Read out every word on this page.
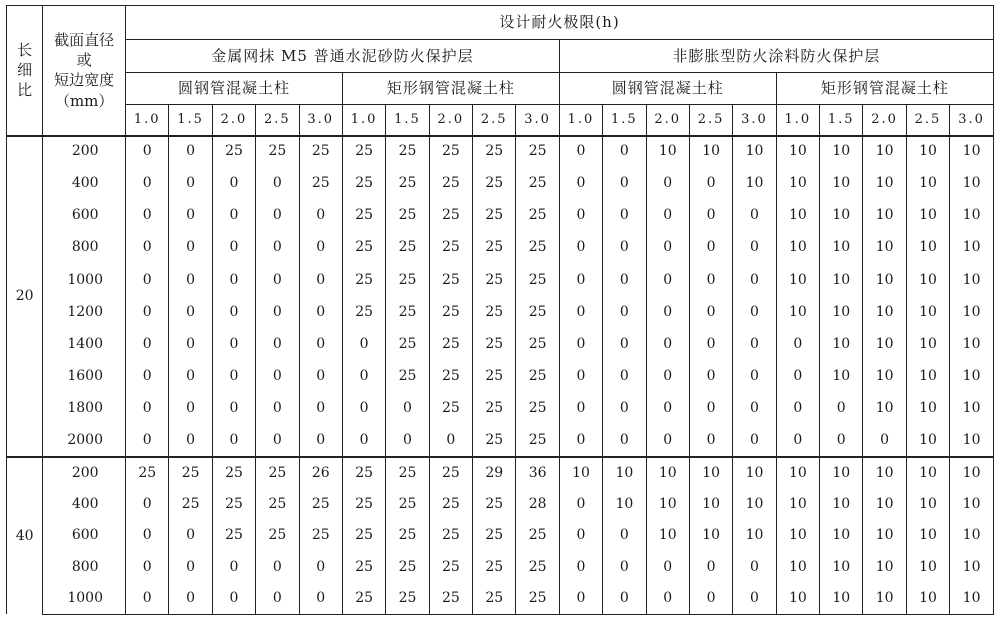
长
细
比	截面直径
或
短边宽度
（mm）	设计耐火极限(h)																			
		金属网抹 M5 普通水泥砂防火保护层										非膨胀型防火涂料防火保护层									
		圆钢管混凝土柱					矩形钢管混凝土柱					圆钢管混凝土柱					矩形钢管混凝土柱				
		1.0	1.5	2.0	2.5	3.0	1.0	1.5	2.0	2.5	3.0	1.0	1.5	2.0	2.5	3.0	1.0	1.5	2.0	2.5	3.0
20	200	0	0	25	25	25	25	25	25	25	25	0	0	10	10	10	10	10	10	10	10
	400	0	0	0	0	25	25	25	25	25	25	0	0	0	0	10	10	10	10	10	10
	600	0	0	0	0	0	25	25	25	25	25	0	0	0	0	0	10	10	10	10	10
	800	0	0	0	0	0	25	25	25	25	25	0	0	0	0	0	10	10	10	10	10
	1000	0	0	0	0	0	25	25	25	25	25	0	0	0	0	0	10	10	10	10	10
	1200	0	0	0	0	0	25	25	25	25	25	0	0	0	0	0	10	10	10	10	10
	1400	0	0	0	0	0	0	25	25	25	25	0	0	0	0	0	0	10	10	10	10
	1600	0	0	0	0	0	0	25	25	25	25	0	0	0	0	0	0	10	10	10	10
	1800	0	0	0	0	0	0	0	25	25	25	0	0	0	0	0	0	0	10	10	10
	2000	0	0	0	0	0	0	0	0	25	25	0	0	0	0	0	0	0	0	10	10
40	200	25	25	25	25	26	25	25	25	29	36	10	10	10	10	10	10	10	10	10	10
	400	0	25	25	25	25	25	25	25	25	28	0	10	10	10	10	10	10	10	10	10
	600	0	0	25	25	25	25	25	25	25	25	0	0	10	10	10	10	10	10	10	10
	800	0	0	0	0	0	25	25	25	25	25	0	0	0	0	0	10	10	10	10	10
	1000	0	0	0	0	0	25	25	25	25	25	0	0	0	0	0	10	10	10	10	10
